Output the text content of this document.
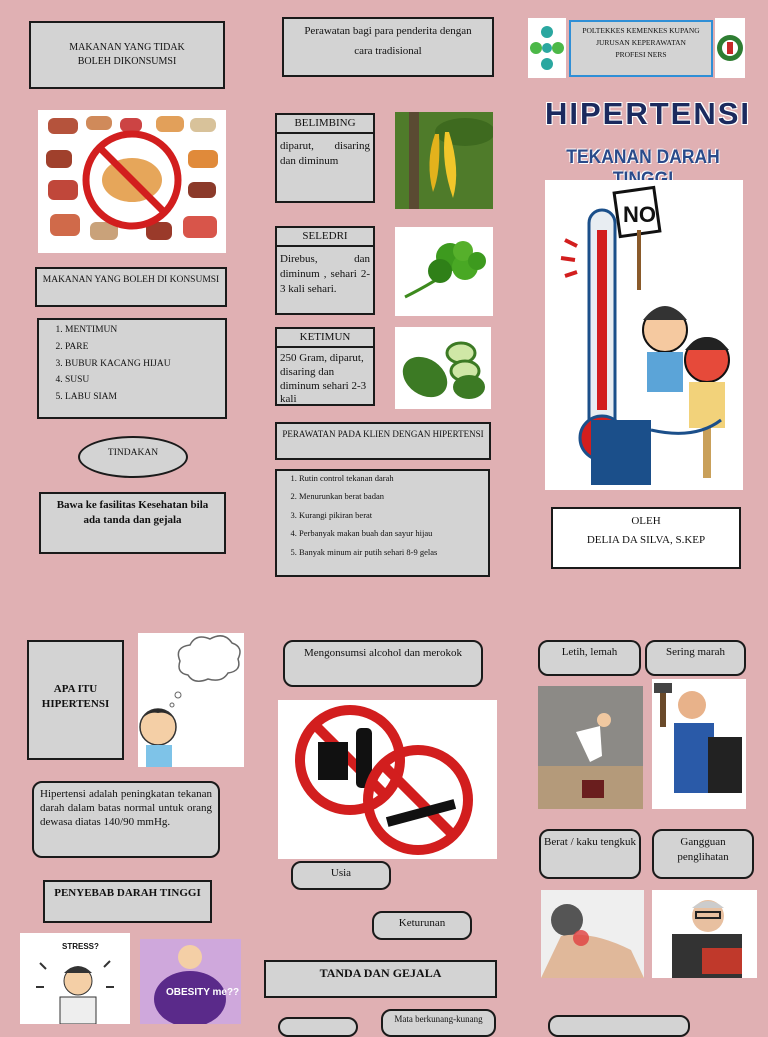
MAKANAN YANG TIDAK
BOLEH DIKONSUMSI
MAKANAN YANG BOLEH DI KONSUMSI
1. MENTIMUN
2. PARE
3. BUBUR KACANG HIJAU
4. SUSU
5. LABU SIAM
TINDAKAN
Bawa ke fasilitas Kesehatan bila ada tanda dan gejala
Perawatan bagi para penderita dengan cara tradisional
BELIMBING
diparut, disaring dan diminum
SELEDRI
Direbus, dan diminum , sehari 2-3 kali sehari.
KETIMUN
250 Gram, diparut, disaring dan diminum sehari 2-3 kali
PERAWATAN PADA KLIEN DENGAN HIPERTENSI
1. Rutin control tekanan darah
2. Menurunkan berat badan
3. Kurangi pikiran berat
4. Perbanyak makan buah dan sayur hijau
5. Banyak minum air putih sehari 8-9 gelas
POLTEKKES KEMENKES KUPANG
JURUSAN KEPERAWATAN
PROFESI NERS
HIPERTENSI
TEKANAN DARAH
NO
OLEH
DELIA DA SILVA, S.KEP
APA ITU HIPERTENSI
Hipertensi adalah peningkatan tekanan darah dalam batas normal untuk orang dewasa diatas 140/90 mmHg.
PENYEBAB DARAH TINGGI
STRESS?
OBESITY me??
Mengonsumsi alcohol dan merokok
Usia
Keturunan
TANDA DAN GEJALA
Mata berkunang-kunang
Letih, lemah	Sering marah
Berat / kaku tengkuk	Gangguan penglihatan
